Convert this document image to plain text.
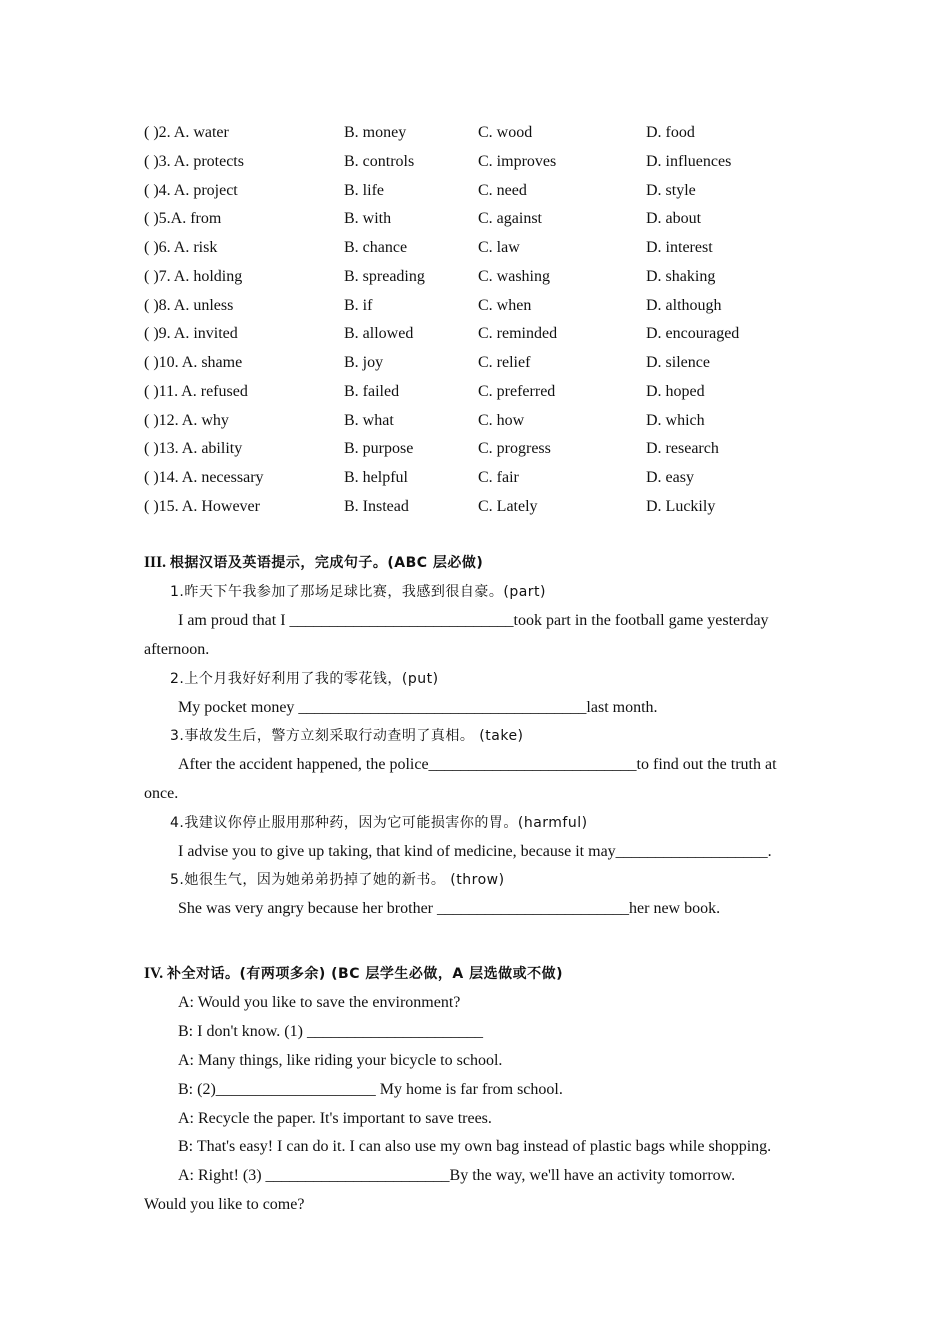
( )2. A. water	B. money	C. wood	D. food
( )3. A. protects	B. controls	C. improves	D. influences
( )4. A. project	B. life	C. need	D. style
( )5.A. from	B. with	C. against	D. about
( )6. A. risk	B. chance	C. law	D. interest
( )7. A. holding	B. spreading	C. washing	D. shaking
( )8. A. unless	B. if	C. when	D. although
( )9. A. invited	B. allowed	C. reminded	D. encouraged
( )10. A. shame	B. joy	C. relief	D. silence
( )11. A. refused	B. failed	C. preferred	D. hoped
( )12. A. why	B. what	C. how	D. which
( )13. A. ability	B. purpose	C. progress	D. research
( )14. A. necessary	B. helpful	C. fair	D. easy
( )15. A. However	B. Instead	C. Lately	D. Luckily
III. 根据汉语及英语提示，完成句子。(ABC 层必做)
1.昨天下午我参加了那场足球比赛，我感到很自豪。(part)
I am proud that I ____________________________took part in the football game yesterday
afternoon.
2.上个月我好好利用了我的零花钱，(put)
My pocket money ____________________________________last month.
3.事故发生后，警方立刻采取行动查明了真相。 (take)
After the accident happened, the police__________________________to find out the truth at
once.
4.我建议你停止服用那种药，因为它可能损害你的胃。(harmful)
I advise you to give up taking, that kind of medicine, because it may___________________.
5.她很生气，因为她弟弟扔掉了她的新书。 (throw)
She was very angry because her brother ________________________her new book.
IV. 补全对话。(有两项多余) (BC 层学生必做，A 层选做或不做)
A: Would you like to save the environment?
B: I don't know. (1) ______________________
A: Many things, like riding your bicycle to school.
B: (2)____________________ My home is far from school.
A: Recycle the paper. It's important to save trees.
B: That's easy! I can do it. I can also use my own bag instead of plastic bags while shopping.
A: Right! (3) _______________________By the way, we'll have an activity tomorrow.
Would you like to come?
